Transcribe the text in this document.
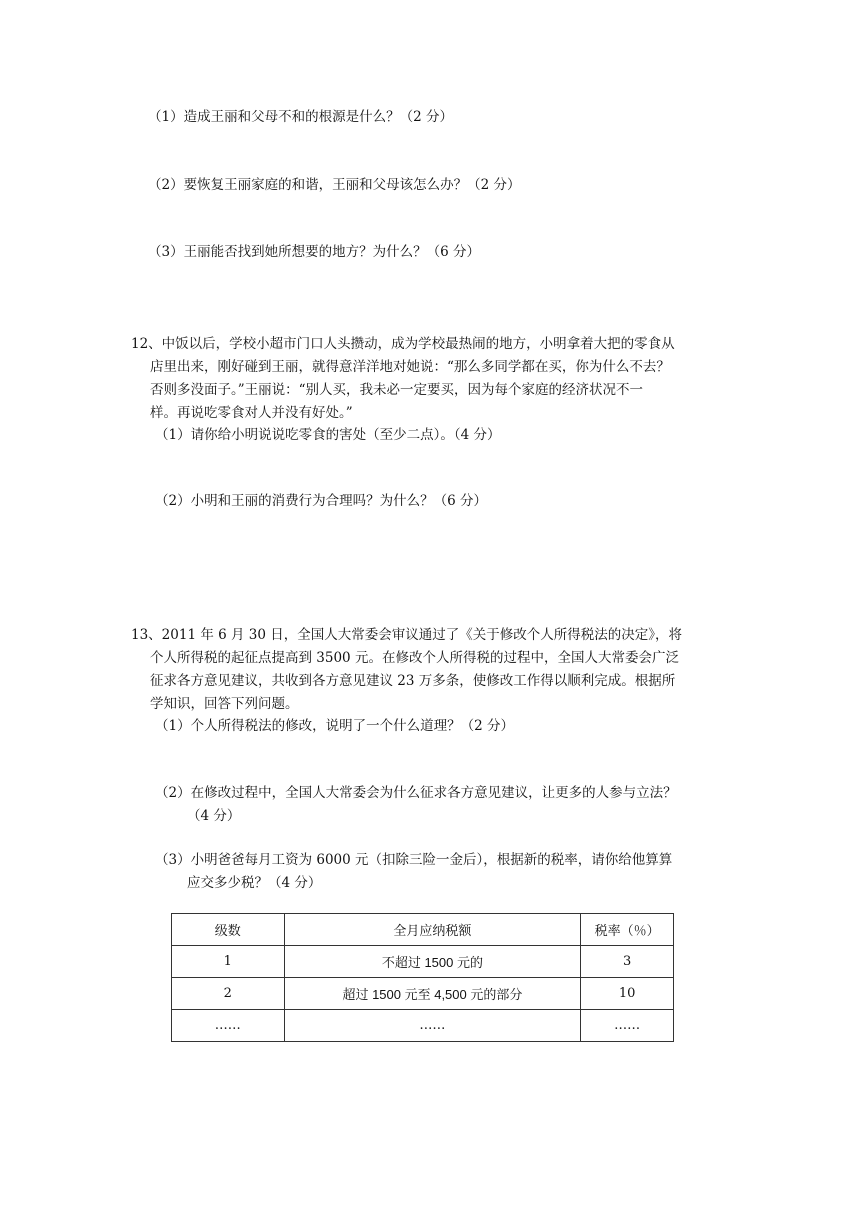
（1）造成王丽和父母不和的根源是什么？（2 分）
（2）要恢复王丽家庭的和谐，王丽和父母该怎么办？（2 分）
（3）王丽能否找到她所想要的地方？为什么？（6 分）
12、中饭以后，学校小超市门口人头攒动，成为学校最热闹的地方，小明拿着大把的零食从
店里出来，刚好碰到王丽，就得意洋洋地对她说：“那么多同学都在买，你为什么不去？
否则多没面子。”王丽说：“别人买，我未必一定要买，因为每个家庭的经济状况不一
样。再说吃零食对人并没有好处。”
（1）请你给小明说说吃零食的害处（至少二点）。（4 分）
（2）小明和王丽的消费行为合理吗？为什么？（6 分）
13、2011 年 6 月 30 日，全国人大常委会审议通过了《关于修改个人所得税法的决定》，将
个人所得税的起征点提高到 3500 元。在修改个人所得税的过程中，全国人大常委会广泛
征求各方意见建议，共收到各方意见建议 23 万多条，使修改工作得以顺利完成。根据所
学知识，回答下列问题。
（1）个人所得税法的修改，说明了一个什么道理？（2 分）
（2）在修改过程中，全国人大常委会为什么征求各方意见建议，让更多的人参与立法？
（4 分）
（3）小明爸爸每月工资为 6000 元（扣除三险一金后），根据新的税率，请你给他算算
应交多少税？（4 分）
级数	全月应纳税额	税率（％）
1	不超过 1500 元的	3
2	超过 1500 元至 4,500 元的部分	10
……	……	……
